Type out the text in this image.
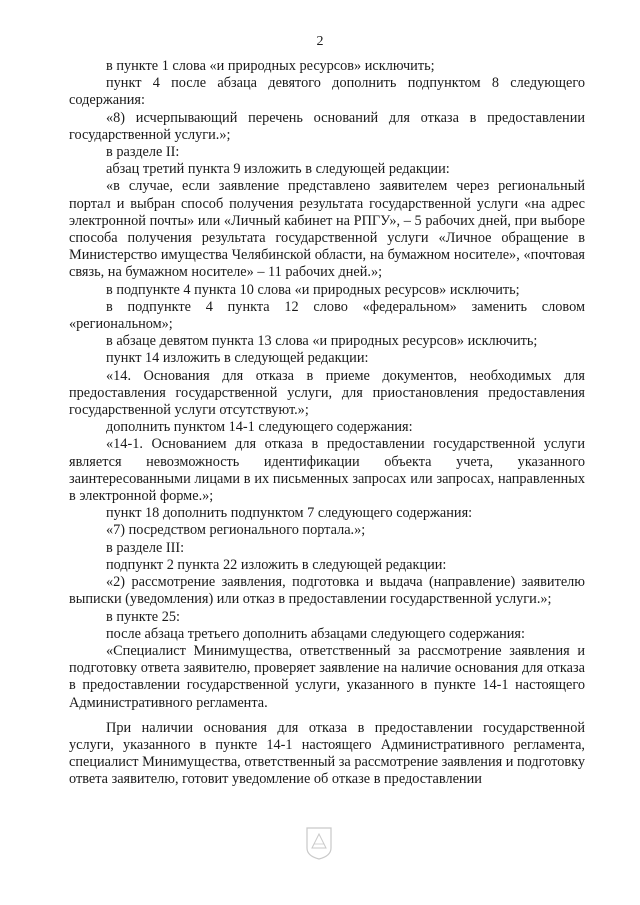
2

в пункте 1 слова «и природных ресурсов» исключить;

пункт 4 после абзаца девятого дополнить подпунктом 8 следующего содержания:

«8) исчерпывающий перечень оснований для отказа в предоставлении государственной услуги.»;

в разделе II:

абзац третий пункта 9 изложить в следующей редакции:

«в случае, если заявление представлено заявителем через региональный портал и выбран способ получения результата государственной услуги «на адрес электронной почты» или «Личный кабинет на РПГУ», – 5 рабочих дней, при выборе способа получения результата государственной услуги «Личное обращение в Министерство имущества Челябинской области, на бумажном носителе», «почтовая связь, на бумажном носителе» – 11 рабочих дней.»;

в подпункте 4 пункта 10 слова «и природных ресурсов» исключить;

в подпункте 4 пункта 12 слово «федеральном» заменить словом «региональном»;

в абзаце девятом пункта 13 слова «и природных ресурсов» исключить;

пункт 14 изложить в следующей редакции:

«14. Основания для отказа в приеме документов, необходимых для предоставления государственной услуги, для приостановления предоставления государственной услуги отсутствуют.»;

дополнить пунктом 14-1 следующего содержания:

«14-1. Основанием для отказа в предоставлении государственной услуги является невозможность идентификации объекта учета, указанного заинтересованными лицами в их письменных запросах или запросах, направленных в электронной форме.»;

пункт 18 дополнить подпунктом 7 следующего содержания:

«7) посредством регионального портала.»;

в разделе III:

подпункт 2 пункта 22 изложить в следующей редакции:

«2) рассмотрение заявления, подготовка и выдача (направление) заявителю выписки (уведомления) или отказ в предоставлении государственной услуги.»;

в пункте 25:

после абзаца третьего дополнить абзацами следующего содержания:

«Специалист Минимущества, ответственный за рассмотрение заявления и подготовку ответа заявителю, проверяет заявление на наличие основания для отказа в предоставлении государственной услуги, указанного в пункте 14-1 настоящего Административного регламента.

При наличии основания для отказа в предоставлении государственной услуги, указанного в пункте 14-1 настоящего Административного регламента, специалист Минимущества, ответственный за рассмотрение заявления и подготовку ответа заявителю, готовит уведомление об отказе в предоставлении
